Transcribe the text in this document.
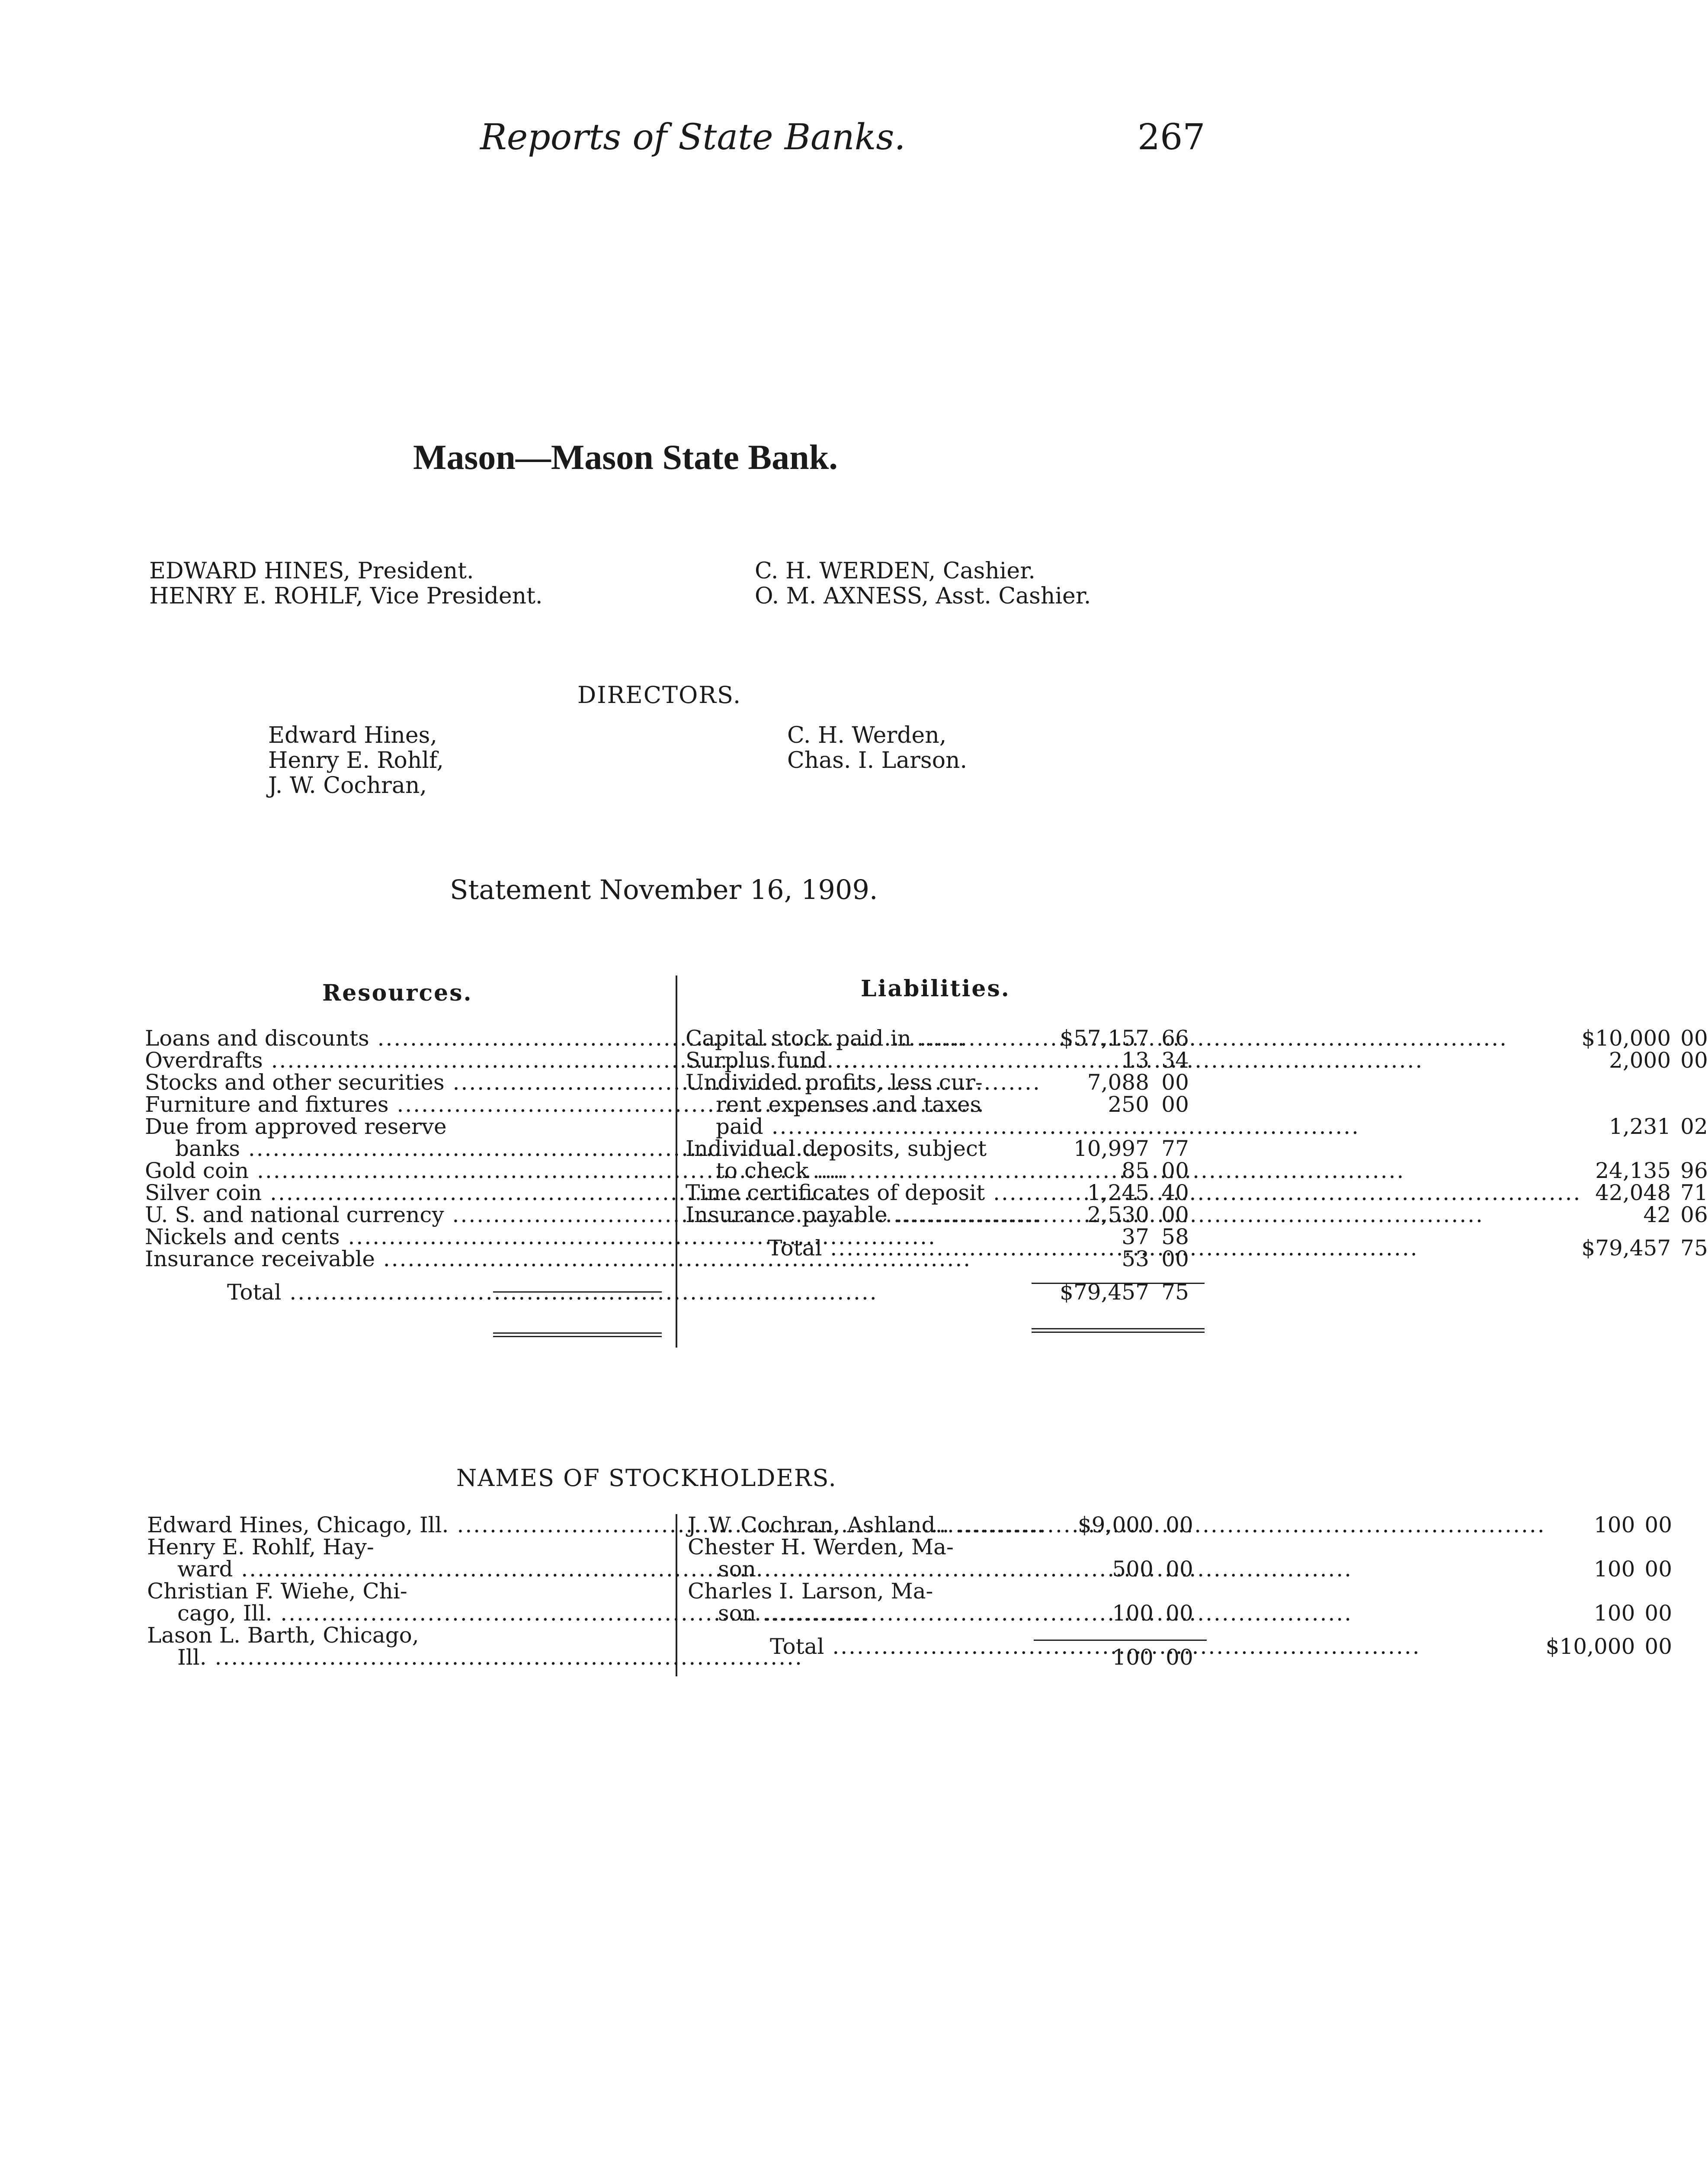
Reports of State Banks.	267
Mason—Mason State Bank.
EDWARD HINES, President.
HENRY E. ROHLF, Vice President.
C. H. WERDEN, Cashier.
O. M. AXNESS, Asst. Cashier.
DIRECTORS.
Edward Hines,
Henry E. Rohlf,
J. W. Cochran,
C. H. Werden,
Chas. I. Larson.
Statement November 16, 1909.
Resources.	Liabilities.
Loans and discounts .....	$57,157	66

Overdrafts .....	13	34

Stocks and other securities .....	7,088	00

Furniture and fixtures .....	250	00

Due from approved reserve
banks .....	10,997	77

Gold coin .....	85	00

Silver coin .....	1,245	40

U. S. and national currency .....	2,530	00

Nickels and cents .....	37	58

Insurance receivable .....	53	00

Total .....	$79,457	75
Capital stock paid in .....	$10,000	00

Surplus fund .....	2,000	00

Undivided profits, less cur-
rent expenses and taxes
paid .....	1,231	02

Individual deposits, subject
to check .....	24,135	96

Time certificates of deposit .....	42,048	71

Insurance payable .....	42	06

Total .....	$79,457	75
NAMES OF STOCKHOLDERS.
Edward Hines, Chicago, Ill. .....	$9,000	00

Henry E. Rohlf, Hay-
ward .....	500	00

Christian F. Wiehe, Chi-
cago, Ill. .....	100	00

Lason L. Barth, Chicago,
Ill. .....	100	00
J. W. Cochran, Ashland.. .....	100	00

Chester H. Werden, Ma-
son .....	100	00

Charles I. Larson, Ma-
son .....	100	00

Total .....	$10,000	00
